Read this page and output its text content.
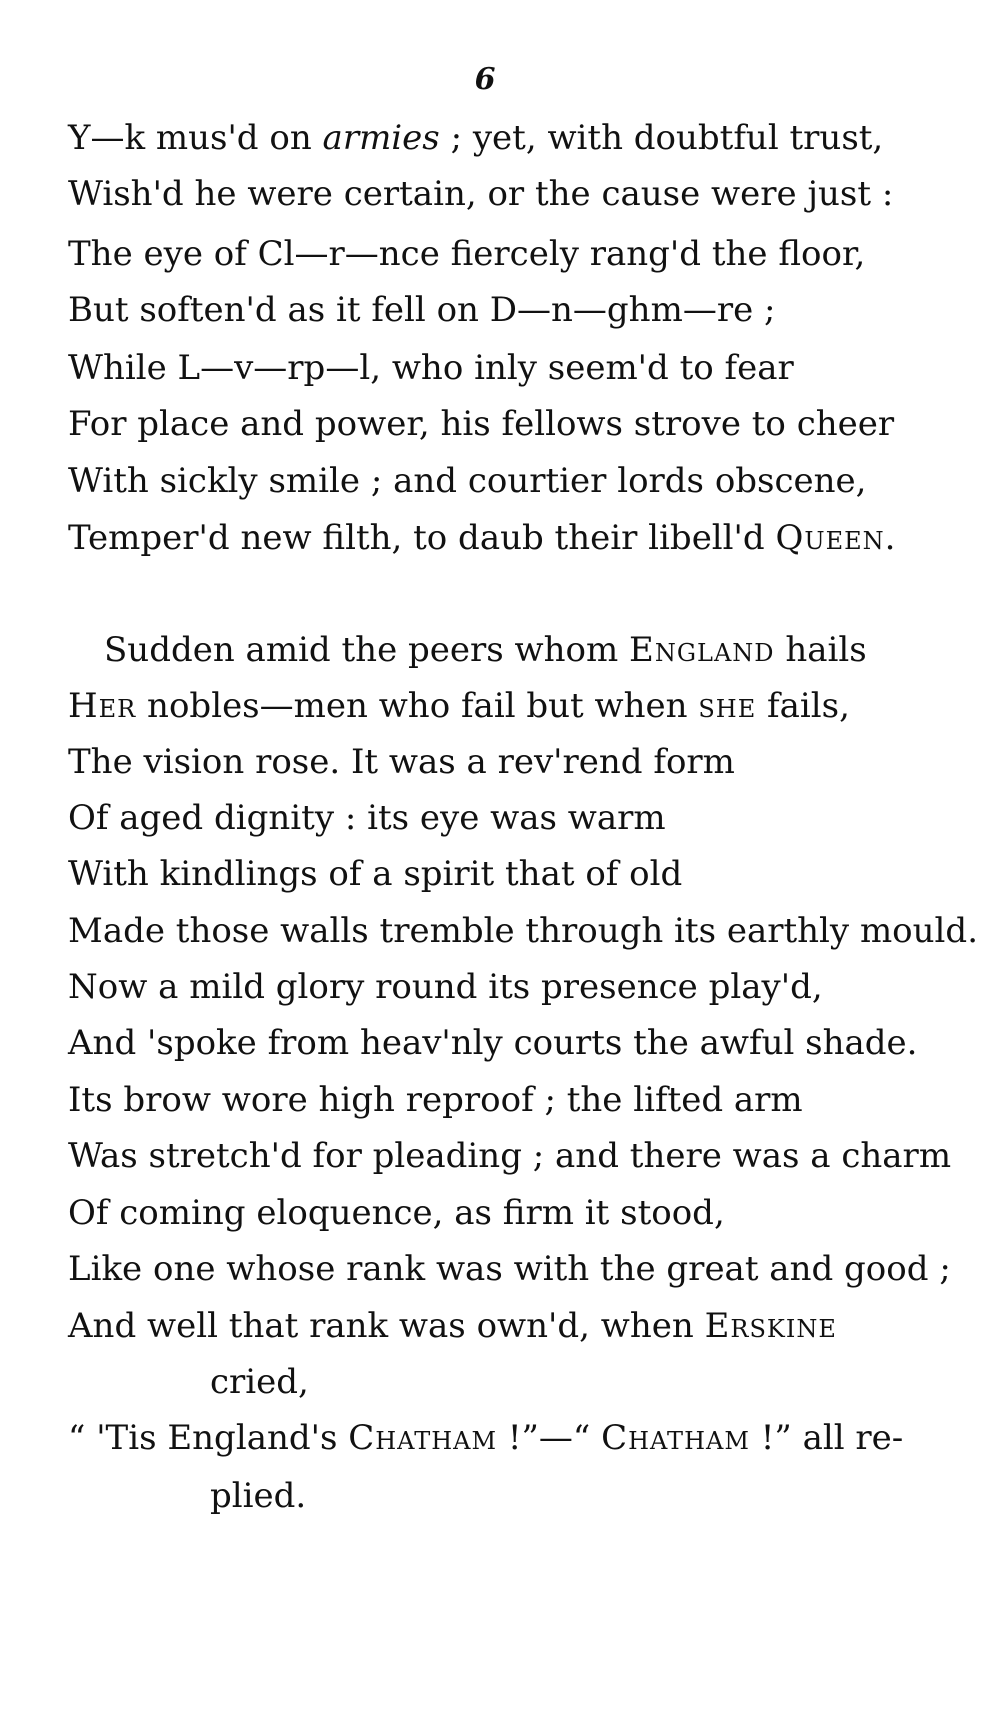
6
Y—k mus'd on armies ; yet, with doubtful trust,
Wish'd he were certain, or the cause were just :
The eye of Cl—r—nce fiercely rang'd the floor,
But soften'd as it fell on D—n—ghm—re ;
While L—v—rp—l, who inly seem'd to fear
For place and power, his fellows strove to cheer
With sickly smile ; and courtier lords obscene,
Temper'd new filth, to daub their libell'd Queen.
Sudden amid the peers whom England hails
Her nobles—men who fail but when she fails,
The vision rose. It was a rev'rend form
Of aged dignity : its eye was warm
With kindlings of a spirit that of old
Made those walls tremble through its earthly mould.
Now a mild glory round its presence play'd,
And 'spoke from heav'nly courts the awful shade.
Its brow wore high reproof ; the lifted arm
Was stretch'd for pleading ; and there was a charm
Of coming eloquence, as firm it stood,
Like one whose rank was with the great and good ;
And well that rank was own'd, when Erskine
cried,
“ 'Tis England's Chatham !”—“ Chatham !” all re-
plied.
